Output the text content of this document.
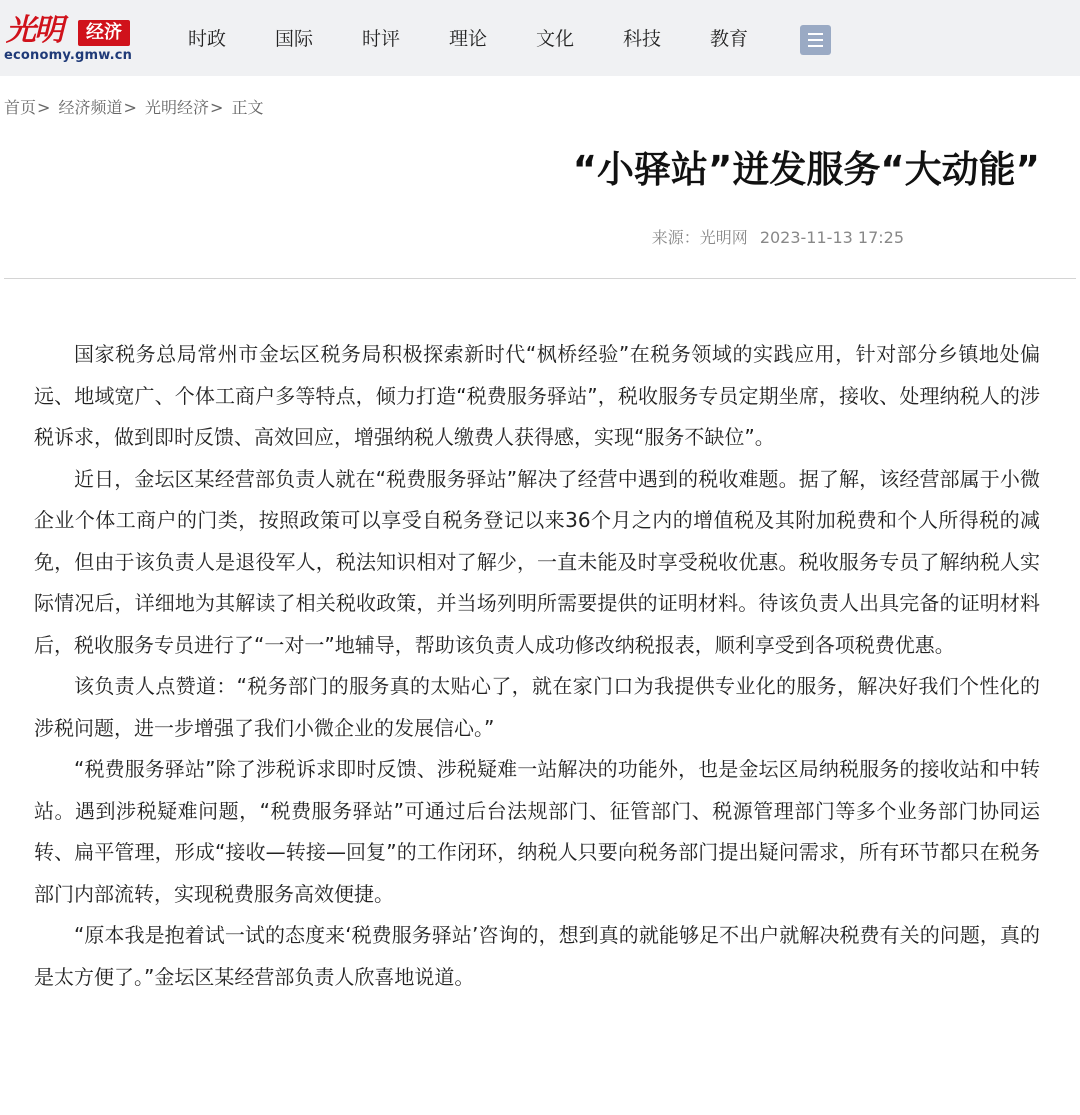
光明	经济
economy.gmw.cn
时政	国际	时评	理论	文化	科技	教育
首页> 经济频道> 光明经济> 正文
“小驿站”迸发服务“大动能”
来源：光明网 2023-11-13 17:25

国家税务总局常州市金坛区税务局积极探索新时代“枫桥经验”在税务领域的实践应用，针对部分乡镇地处偏远、地域宽广、个体工商户多等特点，倾力打造“税费服务驿站”，税收服务专员定期坐席，接收、处理纳税人的涉税诉求，做到即时反馈、高效回应，增强纳税人缴费人获得感，实现“服务不缺位”。

近日，金坛区某经营部负责人就在“税费服务驿站”解决了经营中遇到的税收难题。据了解，该经营部属于小微企业个体工商户的门类，按照政策可以享受自税务登记以来36个月之内的增值税及其附加税费和个人所得税的减免，但由于该负责人是退役军人，税法知识相对了解少，一直未能及时享受税收优惠。税收服务专员了解纳税人实际情况后，详细地为其解读了相关税收政策，并当场列明所需要提供的证明材料。待该负责人出具完备的证明材料后，税收服务专员进行了“一对一”地辅导，帮助该负责人成功修改纳税报表，顺利享受到各项税费优惠。

该负责人点赞道：“税务部门的服务真的太贴心了，就在家门口为我提供专业化的服务，解决好我们个性化的涉税问题，进一步增强了我们小微企业的发展信心。”

“税费服务驿站”除了涉税诉求即时反馈、涉税疑难一站解决的功能外，也是金坛区局纳税服务的接收站和中转站。遇到涉税疑难问题，“税费服务驿站”可通过后台法规部门、征管部门、税源管理部门等多个业务部门协同运转、扁平管理，形成“接收—转接—回复”的工作闭环，纳税人只要向税务部门提出疑问需求，所有环节都只在税务部门内部流转，实现税费服务高效便捷。

“原本我是抱着试一试的态度来‘税费服务驿站’咨询的，想到真的就能够足不出户就解决税费有关的问题，真的是太方便了。”金坛区某经营部负责人欣喜地说道。
